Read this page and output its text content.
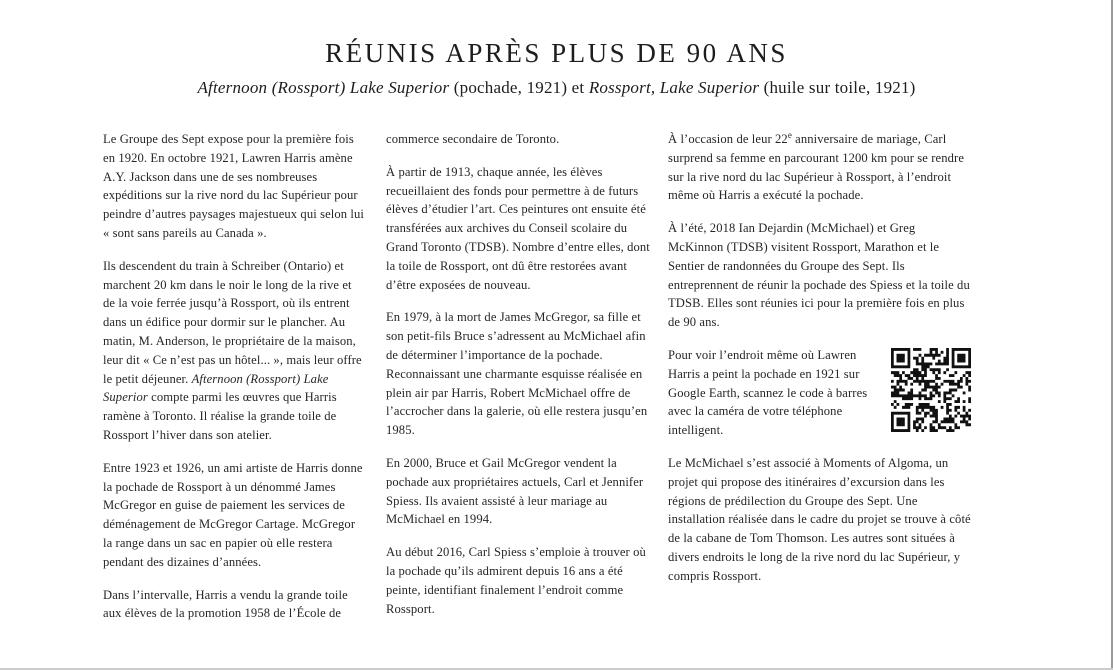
RÉUNIS APRÈS PLUS DE 90 ANS

Afternoon (Rossport) Lake Superior (pochade, 1921) et Rossport, Lake Superior (huile sur toile, 1921)

Le Groupe des Sept expose pour la première fois en 1920. En octobre 1921, Lawren Harris amène A.Y. Jackson dans une de ses nombreuses expéditions sur la rive nord du lac Supérieur pour peindre d’autres paysages majestueux qui selon lui « sont sans pareils au Canada ».

Ils descendent du train à Schreiber (Ontario) et marchent 20 km dans le noir le long de la rive et de la voie ferrée jusqu’à Rossport, où ils entrent dans un édifice pour dormir sur le plancher. Au matin, M. Anderson, le propriétaire de la maison, leur dit « Ce n’est pas un hôtel... », mais leur offre le petit déjeuner. Afternoon (Rossport) Lake Superior compte parmi les œuvres que Harris ramène à Toronto. Il réalise la grande toile de Rossport l’hiver dans son atelier.

Entre 1923 et 1926, un ami artiste de Harris donne la pochade de Rossport à un dénommé James McGregor en guise de paiement les services de déménagement de McGregor Cartage. McGregor la range dans un sac en papier où elle restera pendant des dizaines d’années.

Dans l’intervalle, Harris a vendu la grande toile aux élèves de la promotion 1958 de l’École de

commerce secondaire de Toronto.

À partir de 1913, chaque année, les élèves recueillaient des fonds pour permettre à de futurs élèves d’étudier l’art. Ces peintures ont ensuite été transférées aux archives du Conseil scolaire du Grand Toronto (TDSB). Nombre d’entre elles, dont la toile de Rossport, ont dû être restorées avant d’être exposées de nouveau.

En 1979, à la mort de James McGregor, sa fille et son petit-fils Bruce s’adressent au McMichael afin de déterminer l’importance de la pochade. Reconnaissant une charmante esquisse réalisée en plein air par Harris, Robert McMichael offre de l’accrocher dans la galerie, où elle restera jusqu’en 1985.

En 2000, Bruce et Gail McGregor vendent la pochade aux propriétaires actuels, Carl et Jennifer Spiess. Ils avaient assisté à leur mariage au McMichael en 1994.

Au début 2016, Carl Spiess s’emploie à trouver où la pochade qu’ils admirent depuis 16 ans a été peinte, identifiant finalement l’endroit comme Rossport.

À l’occasion de leur 22e anniversaire de mariage, Carl surprend sa femme en parcourant 1200 km pour se rendre sur la rive nord du lac Supérieur à Rossport, à l’endroit même où Harris a exécuté la pochade.

À l’été, 2018 Ian Dejardin (McMichael) et Greg McKinnon (TDSB) visitent Rossport, Marathon et le Sentier de randonnées du Groupe des Sept. Ils entreprennent de réunir la pochade des Spiess et la toile du TDSB. Elles sont réunies ici pour la première fois en plus de 90 ans.

Pour voir l’endroit même où Lawren Harris a peint la pochade en 1921 sur Google Earth, scannez le code à barres avec la caméra de votre téléphone intelligent.

Le McMichael s’est associé à Moments of Algoma, un projet qui propose des itinéraires d’excursion dans les régions de prédilection du Groupe des Sept. Une installation réalisée dans le cadre du projet se trouve à côté de la cabane de Tom Thomson. Les autres sont situées à divers endroits le long de la rive nord du lac Supérieur, y compris Rossport.
